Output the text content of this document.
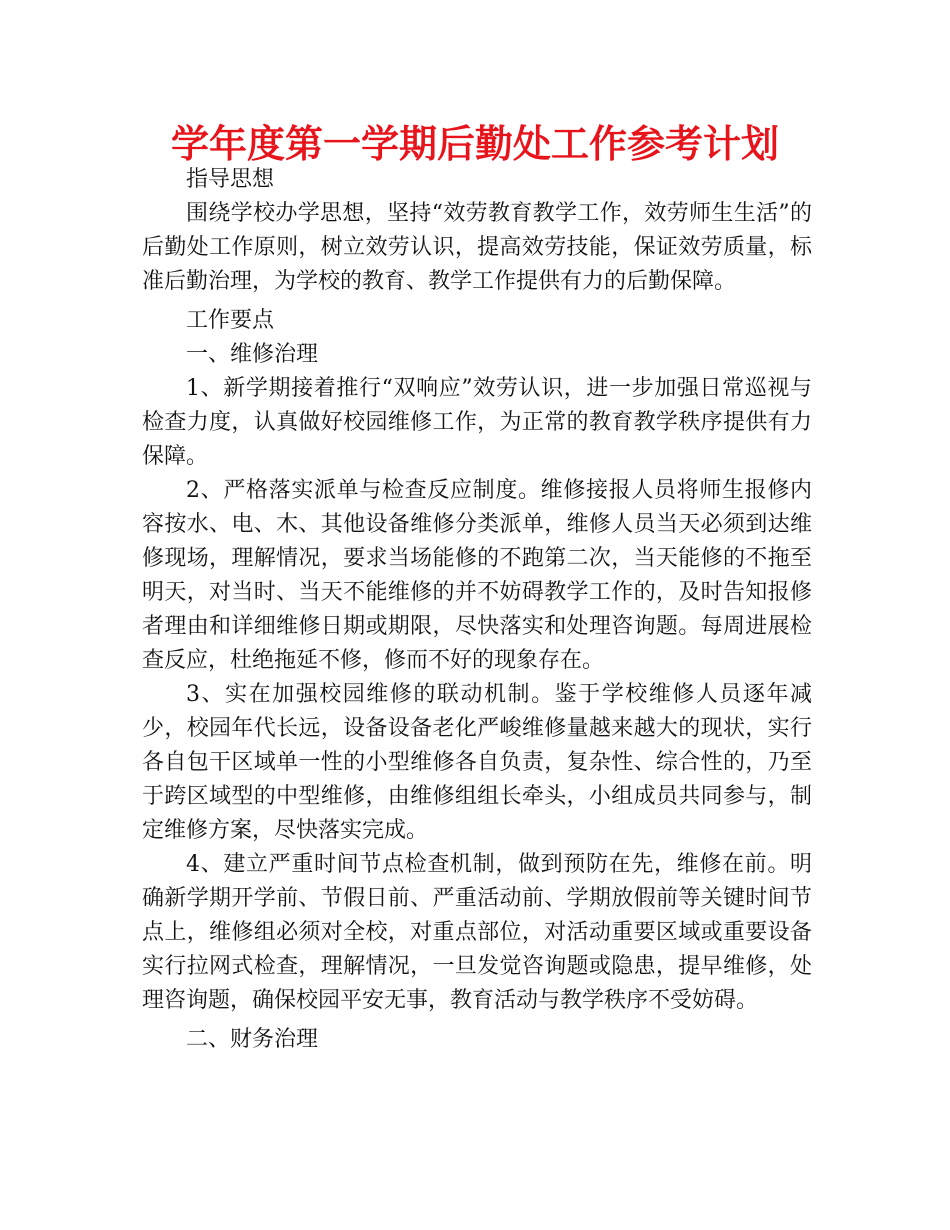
学年度第一学期后勤处工作参考计划

指导思想

围绕学校办学思想，坚持“效劳教育教学工作，效劳师生生活”的后勤处工作原则，树立效劳认识，提高效劳技能，保证效劳质量，标准后勤治理，为学校的教育、教学工作提供有力的后勤保障。

工作要点

一、维修治理

1、新学期接着推行“双响应”效劳认识，进一步加强日常巡视与检查力度，认真做好校园维修工作，为正常的教育教学秩序提供有力保障。

2、严格落实派单与检查反应制度。维修接报人员将师生报修内容按水、电、木、其他设备维修分类派单，维修人员当天必须到达维修现场，理解情况，要求当场能修的不跑第二次，当天能修的不拖至明天，对当时、当天不能维修的并不妨碍教学工作的，及时告知报修者理由和详细维修日期或期限，尽快落实和处理咨询题。每周进展检查反应，杜绝拖延不修，修而不好的现象存在。

3、实在加强校园维修的联动机制。鉴于学校维修人员逐年减少，校园年代长远，设备设备老化严峻维修量越来越大的现状，实行各自包干区域单一性的小型维修各自负责，复杂性、综合性的，乃至于跨区域型的中型维修，由维修组组长牵头，小组成员共同参与，制定维修方案，尽快落实完成。

4、建立严重时间节点检查机制，做到预防在先，维修在前。明确新学期开学前、节假日前、严重活动前、学期放假前等关键时间节点上，维修组必须对全校，对重点部位，对活动重要区域或重要设备实行拉网式检查，理解情况，一旦发觉咨询题或隐患，提早维修，处理咨询题，确保校园平安无事，教育活动与教学秩序不受妨碍。

二、财务治理
